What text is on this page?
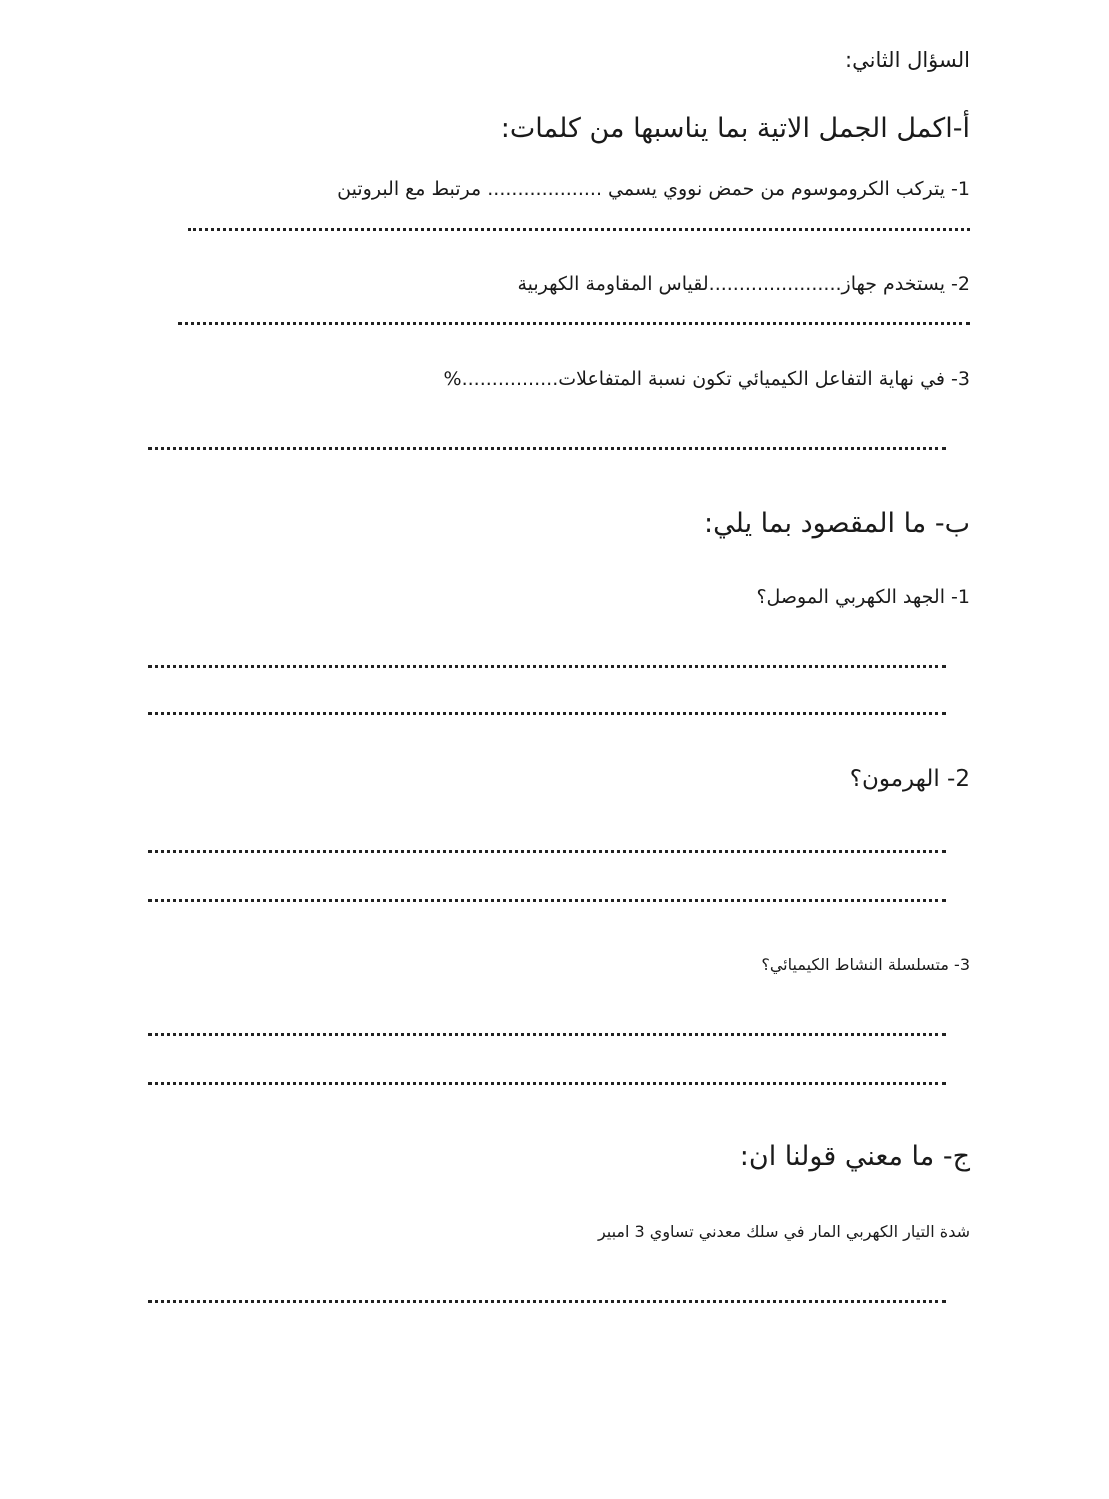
السؤال الثاني:
أ-اكمل الجمل الاتية بما يناسبها من كلمات:
1- يتركب الكروموسوم من حمض نووي يسمي ................... مرتبط مع البروتين
2- يستخدم جهاز......................لقياس المقاومة الكهربية
3- في نهاية التفاعل الكيميائي تكون نسبة المتفاعلات................%
ب- ما المقصود بما يلي:
1- الجهد الكهربي الموصل؟
2- الهرمون؟
3- متسلسلة النشاط الكيميائي؟
ج- ما معني قولنا ان:
شدة التيار الكهربي المار في سلك معدني تساوي 3 امبير
